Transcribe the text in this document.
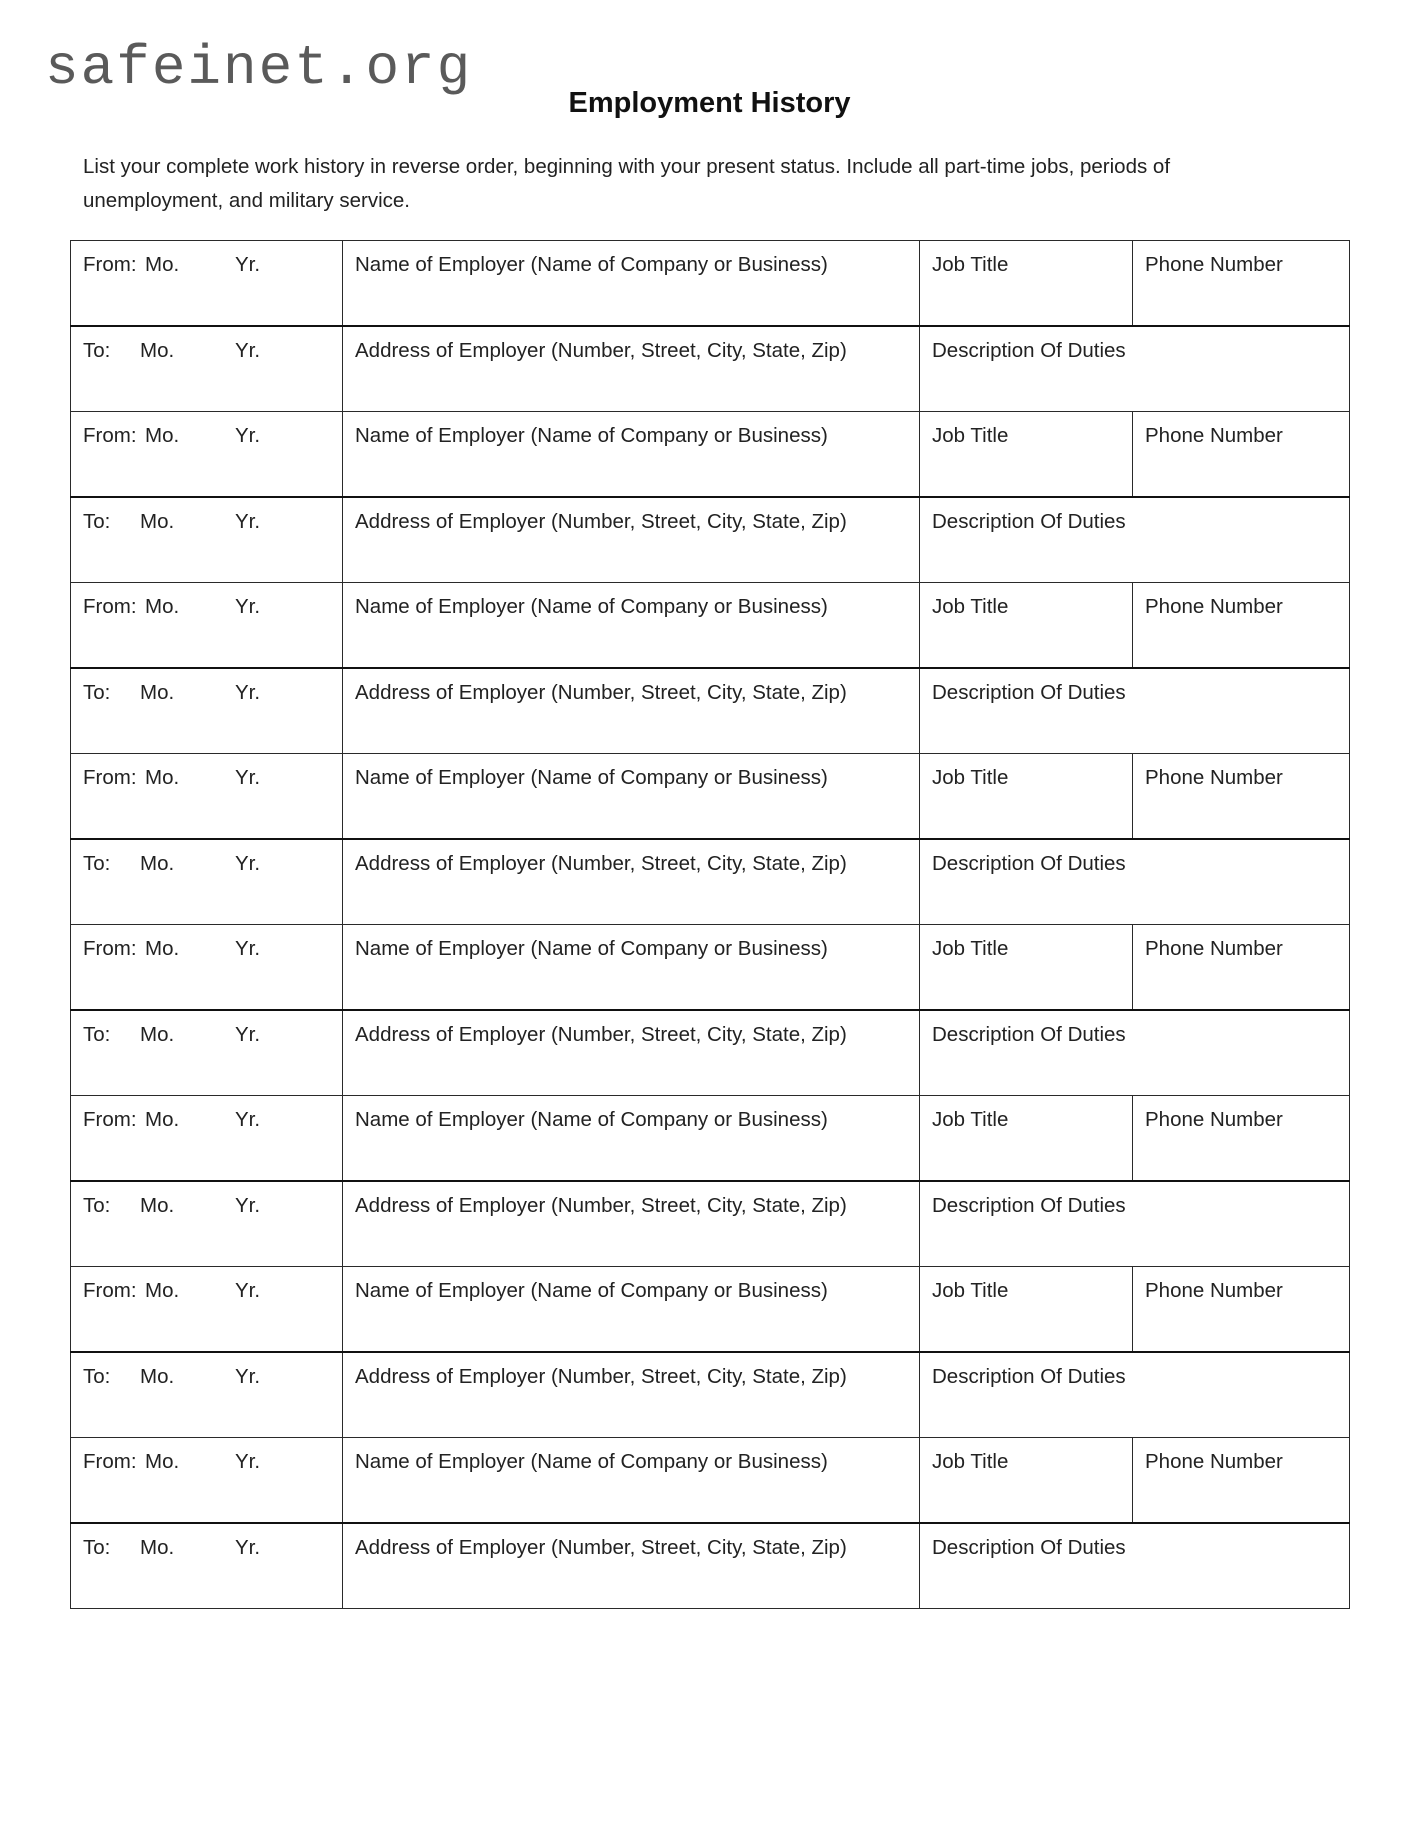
safeinet.org
Employment History

List your complete work history in reverse order, beginning with your present status. Include all part-time jobs, periods of unemployment, and military service.

From: Mo. Yr.	Name of Employer (Name of Company or Business)	Job Title	Phone Number

To: Mo. Yr.	Address of Employer (Number, Street, City, State, Zip)	Description Of Duties	

From: Mo. Yr.	Name of Employer (Name of Company or Business)	Job Title	Phone Number

To: Mo. Yr.	Address of Employer (Number, Street, City, State, Zip)	Description Of Duties	

From: Mo. Yr.	Name of Employer (Name of Company or Business)	Job Title	Phone Number

To: Mo. Yr.	Address of Employer (Number, Street, City, State, Zip)	Description Of Duties	

From: Mo. Yr.	Name of Employer (Name of Company or Business)	Job Title	Phone Number

To: Mo. Yr.	Address of Employer (Number, Street, City, State, Zip)	Description Of Duties	

From: Mo. Yr.	Name of Employer (Name of Company or Business)	Job Title	Phone Number

To: Mo. Yr.	Address of Employer (Number, Street, City, State, Zip)	Description Of Duties	

From: Mo. Yr.	Name of Employer (Name of Company or Business)	Job Title	Phone Number

To: Mo. Yr.	Address of Employer (Number, Street, City, State, Zip)	Description Of Duties	

From: Mo. Yr.	Name of Employer (Name of Company or Business)	Job Title	Phone Number

To: Mo. Yr.	Address of Employer (Number, Street, City, State, Zip)	Description Of Duties	

From: Mo. Yr.	Name of Employer (Name of Company or Business)	Job Title	Phone Number

To: Mo. Yr.	Address of Employer (Number, Street, City, State, Zip)	Description Of Duties	
